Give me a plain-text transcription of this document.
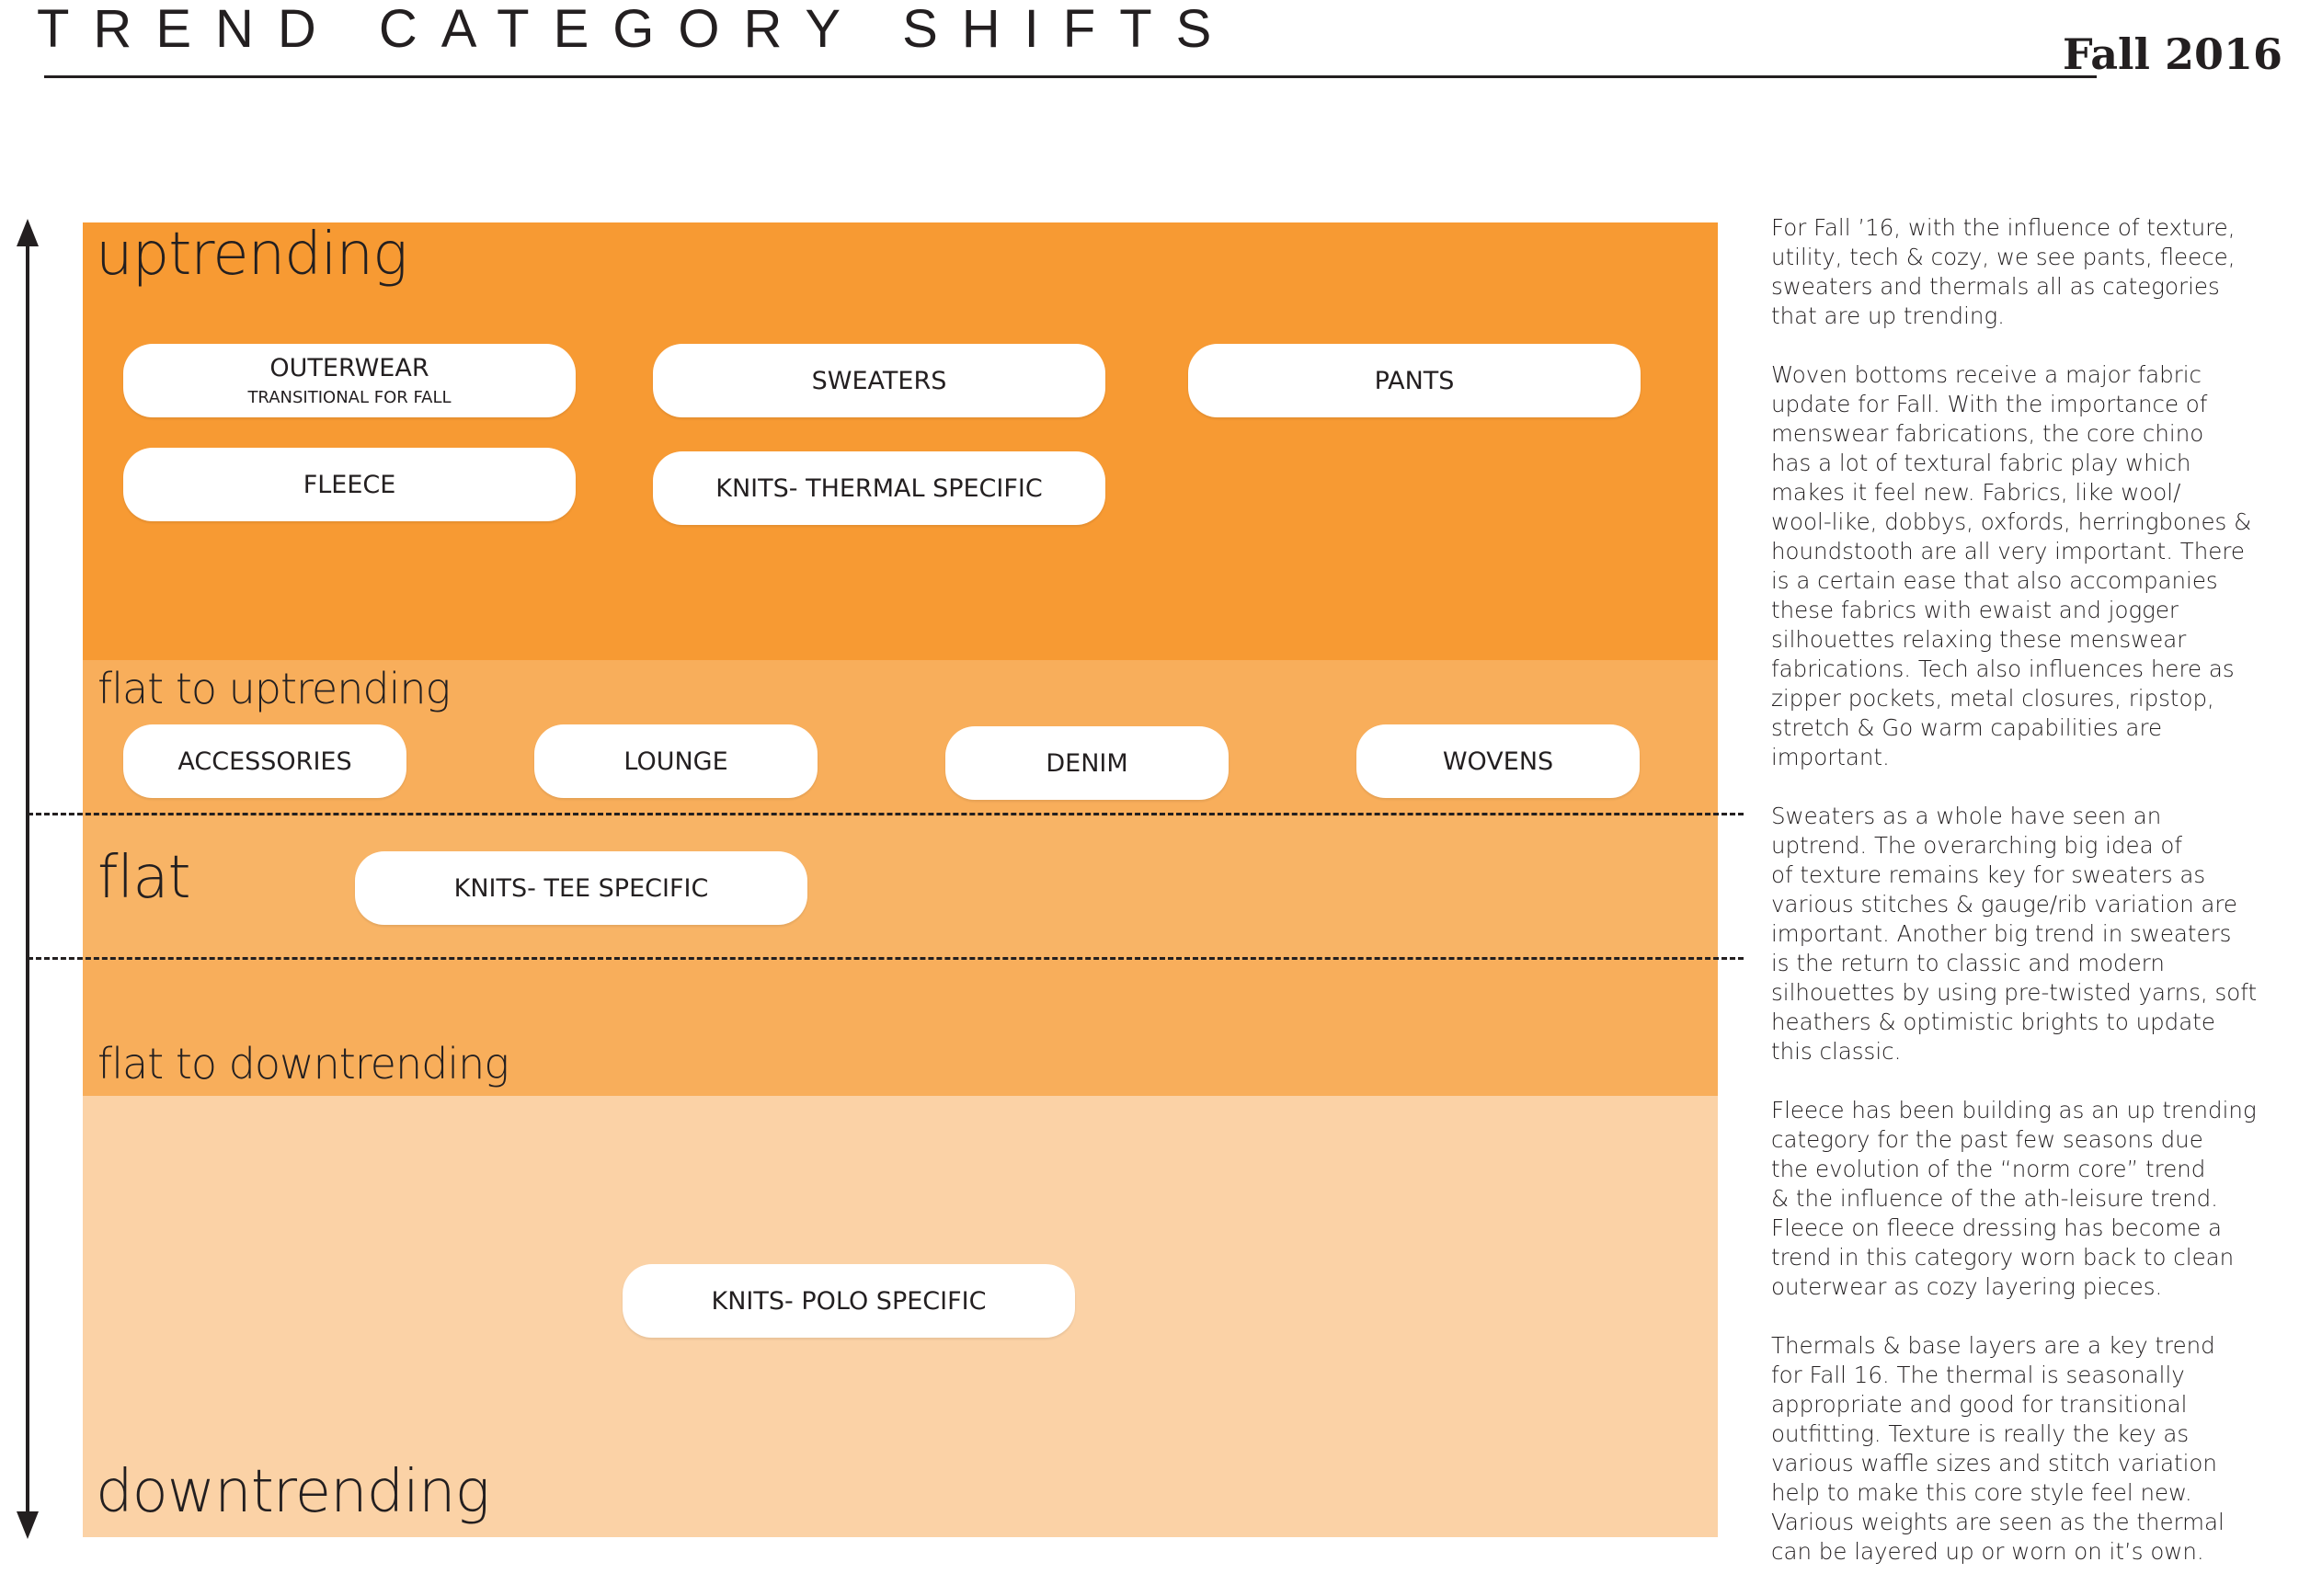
TREND CATEGORY SHIFTS	Fall 2016
uptrending
flat to uptrending
flat
flat to downtrending
downtrending
OUTERWEAR
TRANSITIONAL FOR FALL
SWEATERS	PANTS
FLEECE	KNITS- THERMAL SPECIFIC
ACCESSORIES	LOUNGE	DENIM	WOVENS
KNITS- TEE SPECIFIC
KNITS- POLO SPECIFIC

For Fall ’16, with the influence of texture,
utility, tech & cozy, we see pants, fleece,
sweaters and thermals all as categories
that are up trending.

Woven bottoms receive a major fabric
update for Fall. With the importance of
menswear fabrications, the core chino
has a lot of textural fabric play which
makes it feel new. Fabrics, like wool/
wool-like, dobbys, oxfords, herringbones &
houndstooth are all very important. There
is a certain ease that also accompanies
these fabrics with ewaist and jogger
silhouettes relaxing these menswear
fabrications. Tech also influences here as
zipper pockets, metal closures, ripstop,
stretch & Go warm capabilities are
important.

Sweaters as a whole have seen an
uptrend. The overarching big idea of
of texture remains key for sweaters as
various stitches & gauge/rib variation are
important. Another big trend in sweaters
is the return to classic and modern
silhouettes by using pre-twisted yarns, soft
heathers & optimistic brights to update
this classic.

Fleece has been building as an up trending
category for the past few seasons due
the evolution of the “norm core” trend
& the influence of the ath-leisure trend.
Fleece on fleece dressing has become a
trend in this category worn back to clean
outerwear as cozy layering pieces.

Thermals & base layers are a key trend
for Fall 16. The thermal is seasonally
appropriate and good for transitional
outfitting. Texture is really the key as
various waffle sizes and stitch variation
help to make this core style feel new.
Various weights are seen as the thermal
can be layered up or worn on it’s own.
